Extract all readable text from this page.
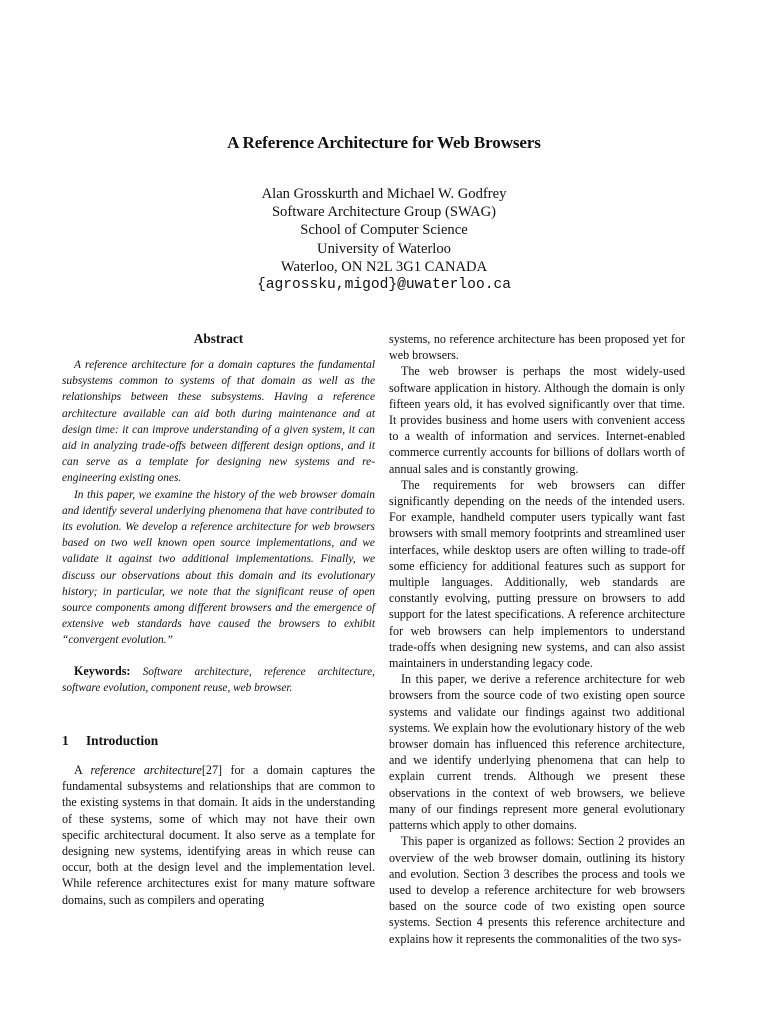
A Reference Architecture for Web Browsers
Alan Grosskurth and Michael W. Godfrey
Software Architecture Group (SWAG)
School of Computer Science
University of Waterloo
Waterloo, ON N2L 3G1 CANADA
{agrossku,migod}@uwaterloo.ca
Abstract

A reference architecture for a domain captures the fundamental subsystems common to systems of that domain as well as the relationships between these subsystems. Having a reference architecture available can aid both during maintenance and at design time: it can improve understanding of a given system, it can aid in analyzing trade-offs between different design options, and it can serve as a template for designing new systems and re-engineering existing ones.

In this paper, we examine the history of the web browser domain and identify several underlying phenomena that have contributed to its evolution. We develop a reference architecture for web browsers based on two well known open source implementations, and we validate it against two additional implementations. Finally, we discuss our observations about this domain and its evolutionary history; in particular, we note that the significant reuse of open source components among different browsers and the emergence of extensive web standards have caused the browsers to exhibit “convergent evolution.”

Keywords: Software architecture, reference architecture, software evolution, component reuse, web browser.

1 Introduction

A reference architecture[27] for a domain captures the fundamental subsystems and relationships that are common to the existing systems in that domain. It aids in the understanding of these systems, some of which may not have their own specific architectural document. It also serve as a template for designing new systems, identifying areas in which reuse can occur, both at the design level and the implementation level. While reference architectures exist for many mature software domains, such as compilers and operating

systems, no reference architecture has been proposed yet for web browsers.

The web browser is perhaps the most widely-used software application in history. Although the domain is only fifteen years old, it has evolved significantly over that time. It provides business and home users with convenient access to a wealth of information and services. Internet-enabled commerce currently accounts for billions of dollars worth of annual sales and is constantly growing.

The requirements for web browsers can differ significantly depending on the needs of the intended users. For example, handheld computer users typically want fast browsers with small memory footprints and streamlined user interfaces, while desktop users are often willing to trade-off some efficiency for additional features such as support for multiple languages. Additionally, web standards are constantly evolving, putting pressure on browsers to add support for the latest specifications. A reference architecture for web browsers can help implementors to understand trade-offs when designing new systems, and can also assist maintainers in understanding legacy code.

In this paper, we derive a reference architecture for web browsers from the source code of two existing open source systems and validate our findings against two additional systems. We explain how the evolutionary history of the web browser domain has influenced this reference architecture, and we identify underlying phenomena that can help to explain current trends. Although we present these observations in the context of web browsers, we believe many of our findings represent more general evolutionary patterns which apply to other domains.

This paper is organized as follows: Section 2 provides an overview of the web browser domain, outlining its history and evolution. Section 3 describes the process and tools we used to develop a reference architecture for web browsers based on the source code of two existing open source systems. Section 4 presents this reference architecture and explains how it represents the commonalities of the two sys-
